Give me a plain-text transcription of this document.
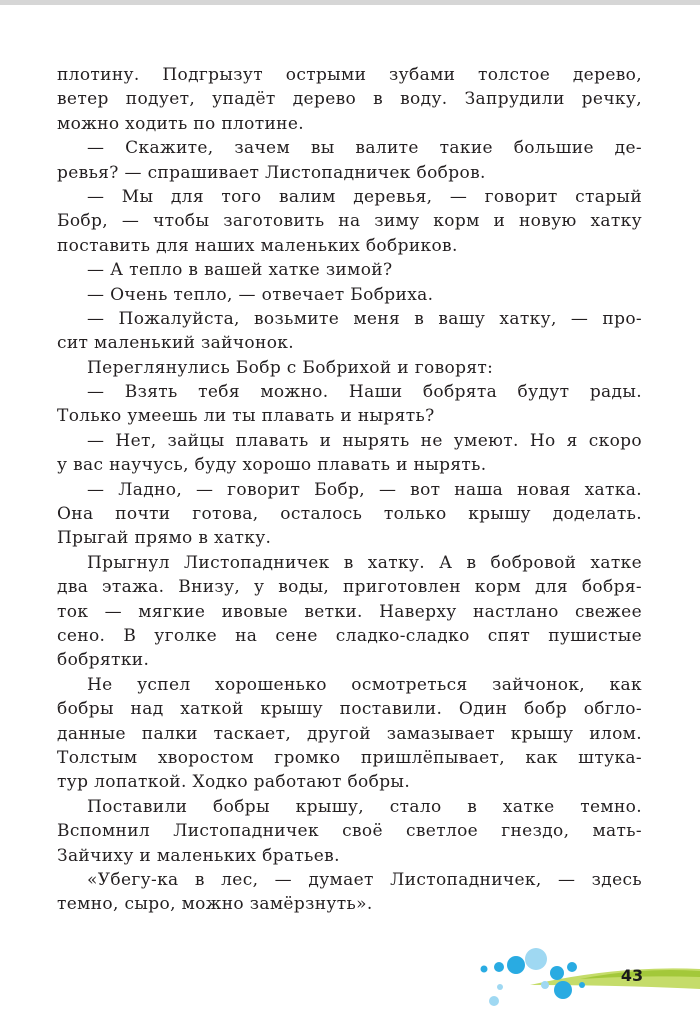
плотину. Подгрызут острыми зубами толстое дерево,
ветер подует, упадёт дерево в воду. Запрудили речку,
можно ходить по плотине.
— Скажите, зачем вы валите такие большие де-
ревья? — спрашивает Листопадничек бобров.
— Мы для того валим деревья, — говорит старый
Бобр, — чтобы заготовить на зиму корм и новую хатку
поставить для наших маленьких бобриков.
— А тепло в вашей хатке зимой?
— Очень тепло, — отвечает Бобриха.
— Пожалуйста, возьмите меня в вашу хатку, — про-
сит маленький зайчонок.
Переглянулись Бобр с Бобрихой и говорят:
— Взять тебя можно. Наши бобрята будут рады.
Только умеешь ли ты плавать и нырять?
— Нет, зайцы плавать и нырять не умеют. Но я скоро
у вас научусь, буду хорошо плавать и нырять.
— Ладно, — говорит Бобр, — вот наша новая хатка.
Она почти готова, осталось только крышу доделать.
Прыгай прямо в хатку.
Прыгнул Листопадничек в хатку. А в бобровой хатке
два этажа. Внизу, у воды, приготовлен корм для бобря-
ток — мягкие ивовые ветки. Наверху настлано свежее
сено. В уголке на сене сладко-сладко спят пушистые
бобрятки.
Не успел хорошенько осмотреться зайчонок, как
бобры над хаткой крышу поставили. Один бобр обгло-
данные палки таскает, другой замазывает крышу илом.
Толстым хворостом громко пришлёпывает, как штука-
тур лопаткой. Ходко работают бобры.
Поставили бобры крышу, стало в хатке темно.
Вспомнил Листопадничек своё светлое гнездо, мать-
Зайчиху и маленьких братьев.
«Убегу-ка в лес, — думает Листопадничек, — здесь
темно, сыро, можно замёрзнуть».
43
